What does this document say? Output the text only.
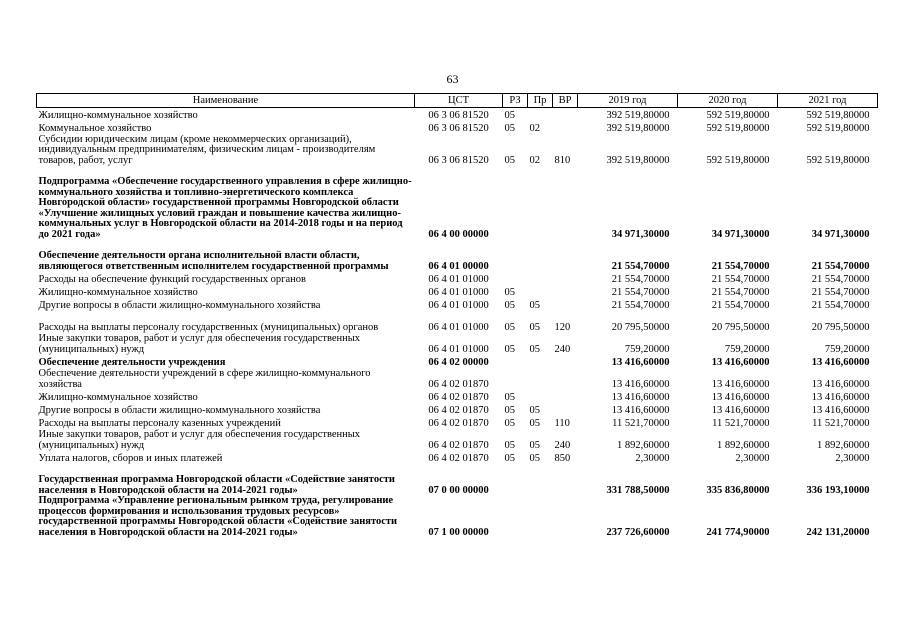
63
Наименование	ЦСТ	РЗ	Пр	ВР	2019 год	2020 год	2021 год
Жилищно-коммунальное хозяйство	06 3 06 81520	05			392 519,80000	592 519,80000	592 519,80000
Коммунальное хозяйство	06 3 06 81520	05	02		392 519,80000	592 519,80000	592 519,80000
Субсидии юридическим лицам (кроме некоммерческих организаций), индивидуальным предпринимателям, физическим лицам - производителям товаров, работ, услуг	06 3 06 81520	05	02	810	392 519,80000	592 519,80000	592 519,80000
Подпрограмма «Обеспечение государственного управления в сфере жилищно-коммунального хозяйства и топливно-энергетического комплекса Новгородской области» государственной программы Новгородской области «Улучшение жилищных условий граждан и повышение качества жилищно-коммунальных услуг в Новгородской области на 2014-2018 годы и на период до 2021 года»	06 4 00 00000				34 971,30000	34 971,30000	34 971,30000
Обеспечение деятельности органа исполнительной власти области, являющегося ответственным исполнителем государственной программы	06 4 01 00000				21 554,70000	21 554,70000	21 554,70000
Расходы на обеспечение функций государственных органов	06 4 01 01000				21 554,70000	21 554,70000	21 554,70000
Жилищно-коммунальное хозяйство	06 4 01 01000	05			21 554,70000	21 554,70000	21 554,70000
Другие вопросы в области жилищно-коммунального хозяйства	06 4 01 01000	05	05		21 554,70000	21 554,70000	21 554,70000
Расходы на выплаты персоналу государственных (муниципальных) органов	06 4 01 01000	05	05	120	20 795,50000	20 795,50000	20 795,50000
Иные закупки товаров, работ и услуг для обеспечения государственных (муниципальных) нужд	06 4 01 01000	05	05	240	759,20000	759,20000	759,20000
Обеспечение деятельности учреждения	06 4 02 00000				13 416,60000	13 416,60000	13 416,60000
Обеспечение деятельности учреждений в сфере жилищно-коммунального хозяйства	06 4 02 01870				13 416,60000	13 416,60000	13 416,60000
Жилищно-коммунальное хозяйство	06 4 02 01870	05			13 416,60000	13 416,60000	13 416,60000
Другие вопросы в области жилищно-коммунального хозяйства	06 4 02 01870	05	05		13 416,60000	13 416,60000	13 416,60000
Расходы на выплаты персоналу казенных учреждений	06 4 02 01870	05	05	110	11 521,70000	11 521,70000	11 521,70000
Иные закупки товаров, работ и услуг для обеспечения государственных (муниципальных) нужд	06 4 02 01870	05	05	240	1 892,60000	1 892,60000	1 892,60000
Уплата налогов, сборов и иных платежей	06 4 02 01870	05	05	850	2,30000	2,30000	2,30000
Государственная программа Новгородской области «Содействие занятости населения в Новгородской области на 2014-2021 годы»	07 0 00 00000				331 788,50000	335 836,80000	336 193,10000
Подпрограмма «Управление региональным рынком труда, регулирование процессов формирования и использования трудовых ресурсов» государственной программы Новгородской области «Содействие занятости населения в Новгородской области на 2014-2021 годы»	07 1 00 00000				237 726,60000	241 774,90000	242 131,20000
